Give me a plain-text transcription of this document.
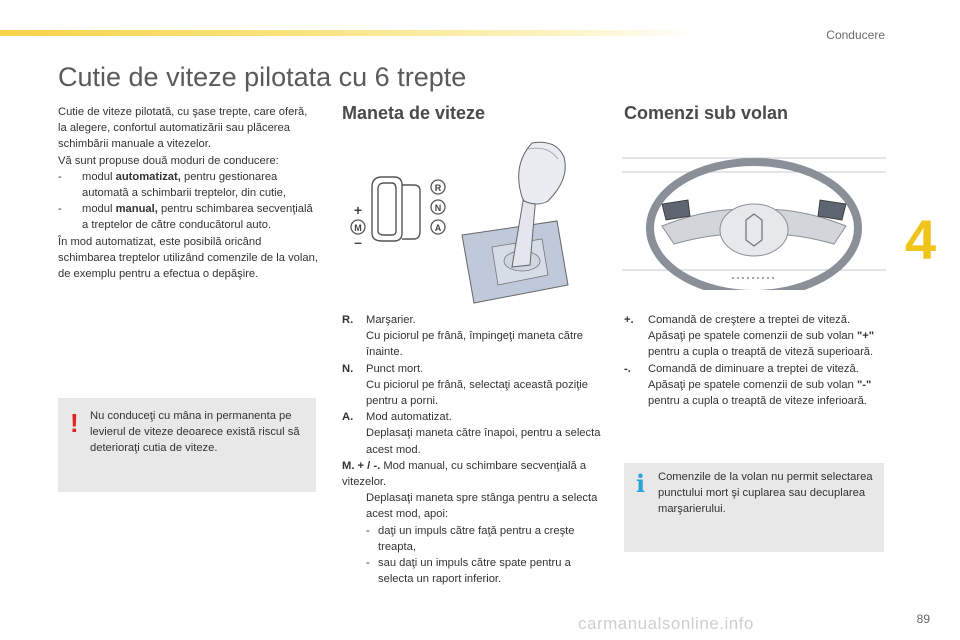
Conducere
4
Cutie de viteze pilotata cu 6 trepte

Cutie de viteze pilotată, cu şase trepte, care oferă, la alegere, confortul automatizării sau plăcerea schimbării manuale a vitezelor.

Vă sunt propuse două moduri de conducere:

- modul automatizat, pentru gestionarea automată a schimbarii treptelor, din cutie,

- modul manual, pentru schimbarea secvenţială a treptelor de către conducătorul auto.

În mod automatizat, este posibilă oricând schimbarea treptelor utilizând comenzile de la volan, de exemplu pentru a efectua o depăşire.

! Nu conduceţi cu mâna in permanenta pe levierul de viteze deoarece există riscul să deterioraţi cutia de viteze.
Maneta de viteze
R
N
A
M
+
–
R. Marşarier.
Cu piciorul pe frână, împingeţi maneta către înainte.
N. Punct mort.
Cu piciorul pe frână, selectaţi această poziţie pentru a porni.
A. Mod automatizat.
Deplasaţi maneta către înapoi, pentru a selecta acest mod.
M. + / -. Mod manual, cu schimbare secvenţială a vitezelor.
Deplasaţi maneta spre stânga pentru a selecta acest mod, apoi:
- daţi un impuls către faţă pentru a creşte treapta,
- sau daţi un impuls către spate pentru a selecta un raport inferior.
Comenzi sub volan
+. Comandă de creştere a treptei de viteză.
Apăsaţi pe spatele comenzii de sub volan "+" pentru a cupla o treaptă de viteză superioară.
-. Comandă de diminuare a treptei de viteză.
Apăsaţi pe spatele comenzii de sub volan "-" pentru a cupla o treaptă de viteze inferioară.
i Comenzile de la volan nu permit selectarea punctului mort şi cuplarea sau decuplarea marşarierului.
carmanualsonline.info	89
